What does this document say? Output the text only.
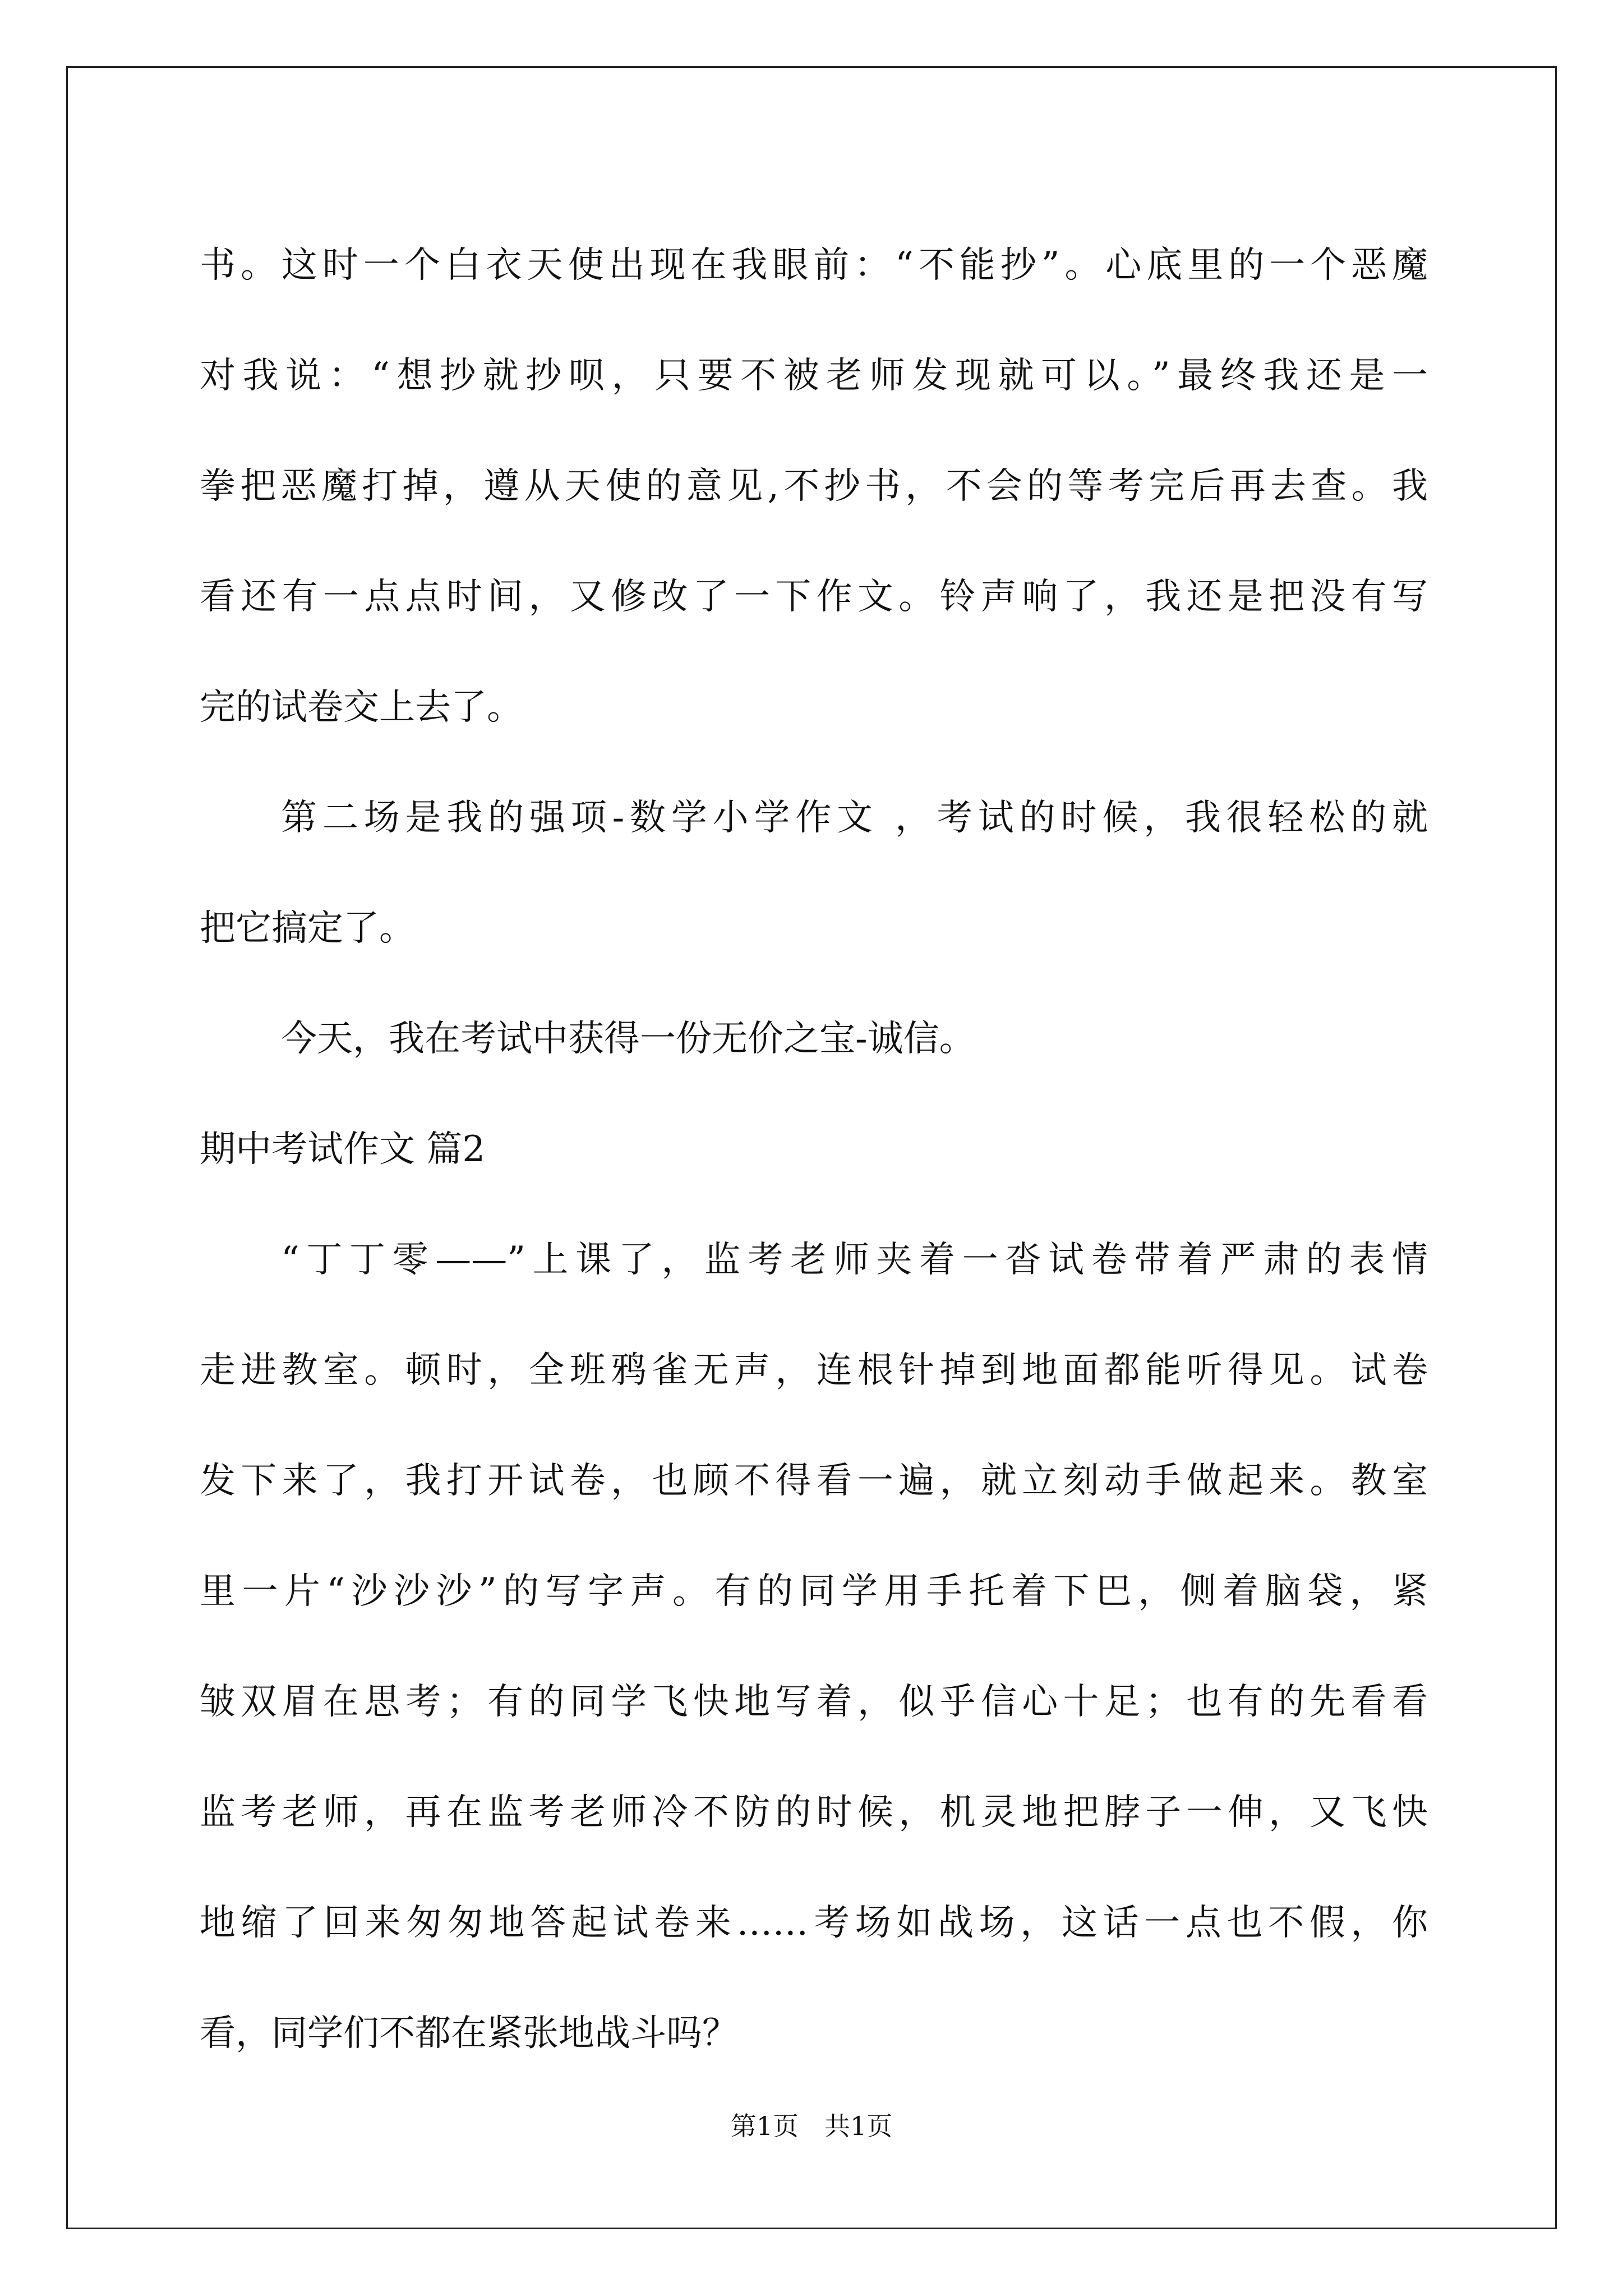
书。这时一个白衣天使出现在我眼前：“不能抄”。心底里的一个恶魔
对我说：“想抄就抄呗，只要不被老师发现就可以。”最终我还是一
拳把恶魔打掉，遵从天使的意见,不抄书，不会的等考完后再去查。我
看还有一点点时间，又修改了一下作文。铃声响了，我还是把没有写
完的试卷交上去了。
第二场是我的强项-数学小学作文 ，考试的时候，我很轻松的就
把它搞定了。
今天，我在考试中获得一份无价之宝-诚信。
期中考试作文 篇2
“丁丁零——”上课了，监考老师夹着一沓试卷带着严肃的表情
走进教室。顿时，全班鸦雀无声，连根针掉到地面都能听得见。试卷
发下来了，我打开试卷，也顾不得看一遍，就立刻动手做起来。教室
里一片“沙沙沙”的写字声。有的同学用手托着下巴，侧着脑袋，紧
皱双眉在思考；有的同学飞快地写着，似乎信心十足；也有的先看看
监考老师，再在监考老师冷不防的时候，机灵地把脖子一伸，又飞快
地缩了回来匆匆地答起试卷来……考场如战场，这话一点也不假，你
看，同学们不都在紧张地战斗吗？
第1页　共1页
